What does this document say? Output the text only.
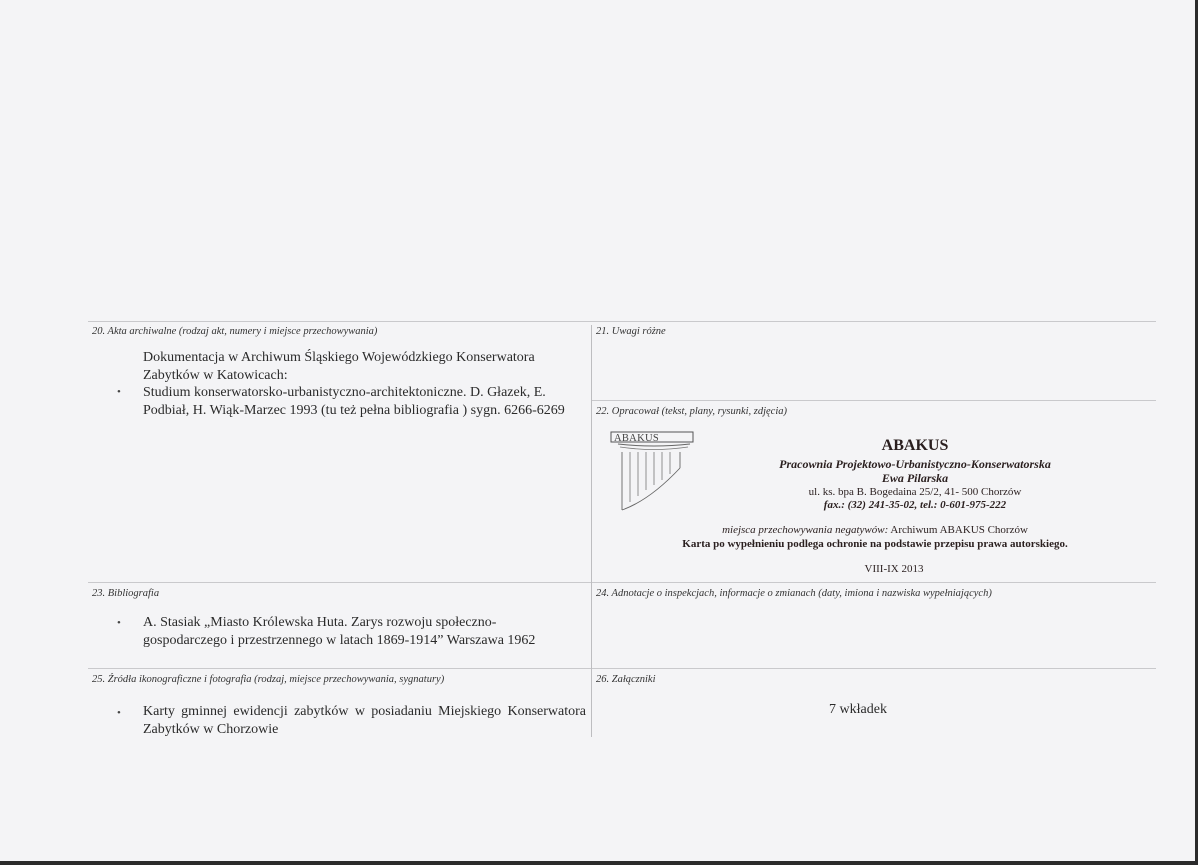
20. Akta archiwalne (rodzaj akt, numery i miejsce przechowywania)
Dokumentacja w Archiwum Śląskiego Wojewódzkiego Konserwatora
Zabytków w Katowicach:
• Studium konserwatorsko-urbanistyczno-architektoniczne. D. Głazek, E.
Podbiał, H. Wiąk-Marzec 1993 (tu też pełna bibliografia ) sygn. 6266-6269
21. Uwagi różne
22. Opracował (tekst, plany, rysunki, zdjęcia)
ABAKUS	ABAKUS
Pracownia Projektowo-Urbanistyczno-Konserwatorska
Ewa Pilarska
ul. ks. bpa B. Bogedaina 25/2, 41- 500 Chorzów
fax.: (32) 241-35-02, tel.: 0-601-975-222
miejsca przechowywania negatywów: Archiwum ABAKUS Chorzów
Karta po wypełnieniu podlega ochronie na podstawie przepisu prawa autorskiego.
VIII-IX 2013
23. Bibliografia
• A. Stasiak „Miasto Królewska Huta. Zarys rozwoju społeczno-
gospodarczego i przestrzennego w latach 1869-1914” Warszawa 1962
24. Adnotacje o inspekcjach, informacje o zmianach (daty, imiona i nazwiska wypełniających)
25. Źródła ikonograficzne i fotografia (rodzaj, miejsce przechowywania, sygnatury)
• Karty gminnej ewidencji zabytków w posiadaniu Miejskiego Konserwatora
Zabytków w Chorzowie
26. Załączniki
7 wkładek
